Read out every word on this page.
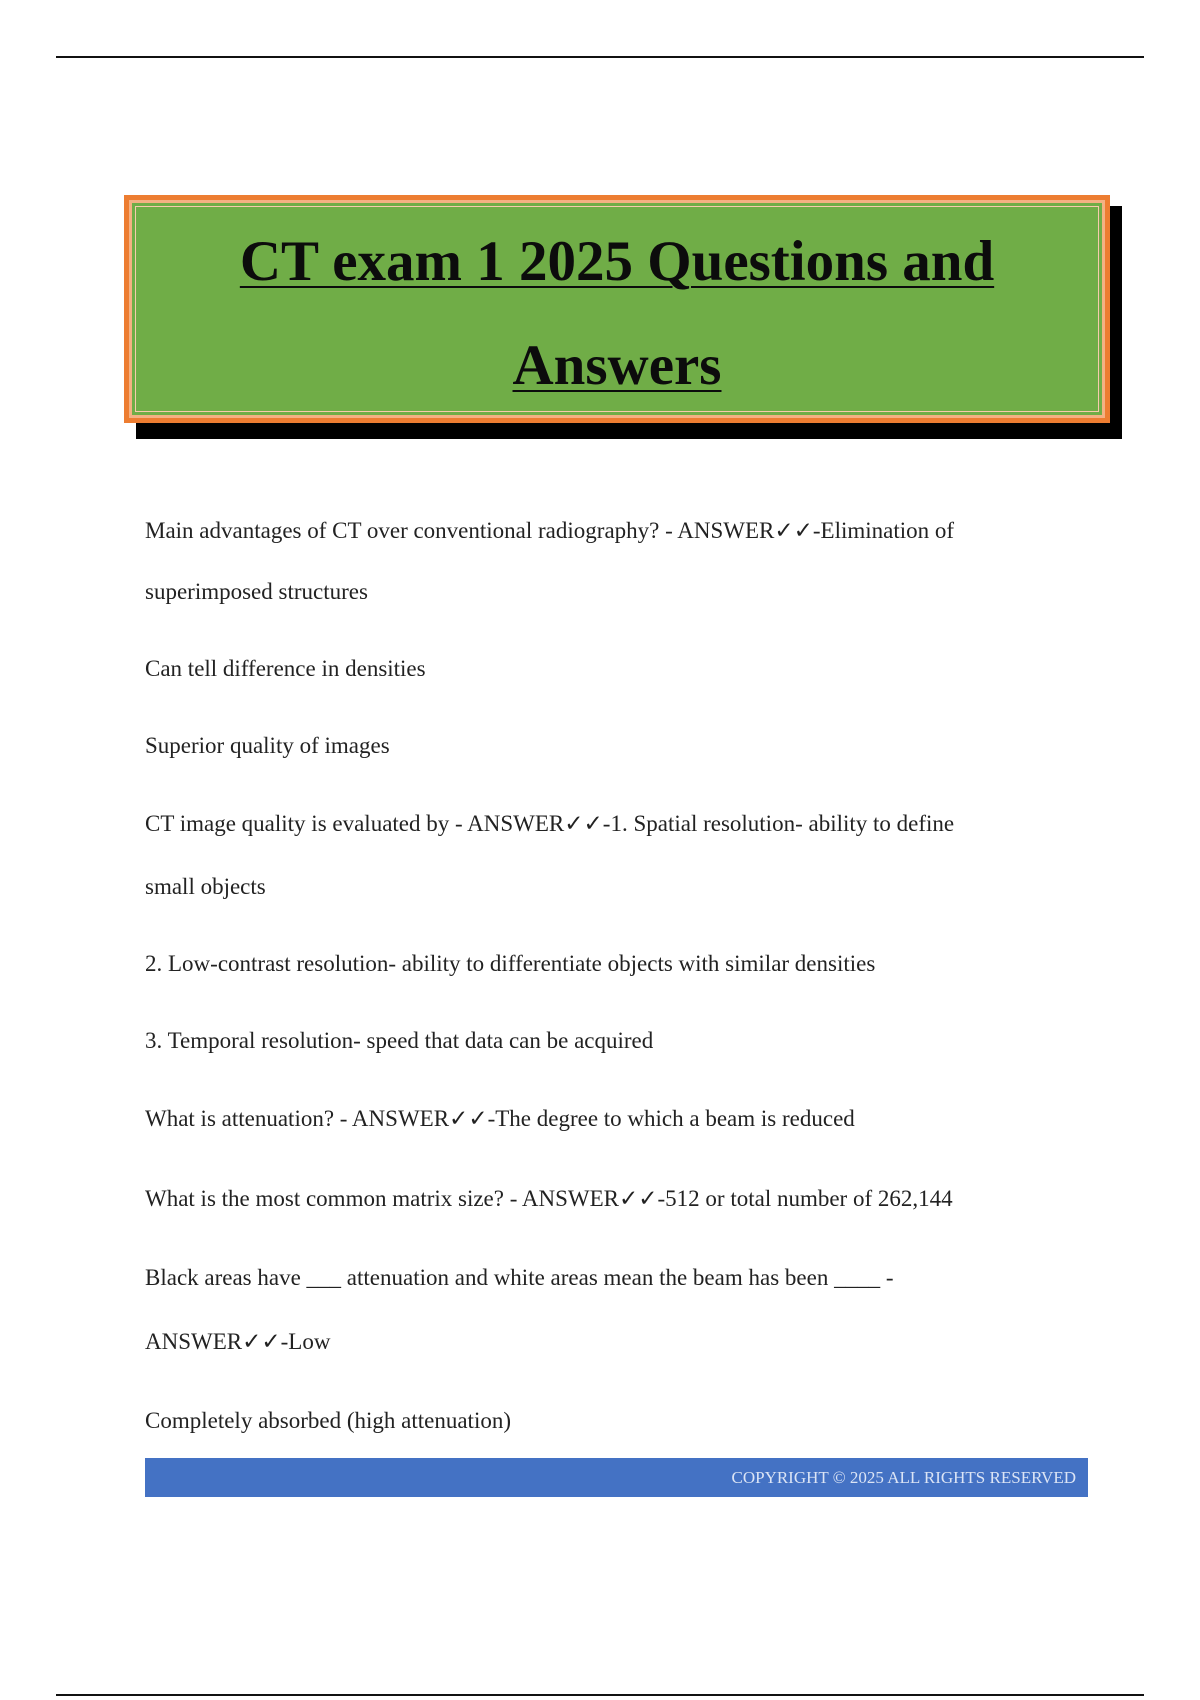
CT exam 1 2025 Questions and
Answers
Main advantages of CT over conventional radiography? - ANSWER✓✓-Elimination of
superimposed structures
Can tell difference in densities
Superior quality of images
CT image quality is evaluated by - ANSWER✓✓-1. Spatial resolution- ability to define
small objects
2. Low-contrast resolution- ability to differentiate objects with similar densities
3. Temporal resolution- speed that data can be acquired
What is attenuation? - ANSWER✓✓-The degree to which a beam is reduced
What is the most common matrix size? - ANSWER✓✓-512 or total number of 262,144
Black areas have ___ attenuation and white areas mean the beam has been ____ -
ANSWER✓✓-Low
Completely absorbed (high attenuation)
COPYRIGHT © 2025 ALL RIGHTS RESERVED
